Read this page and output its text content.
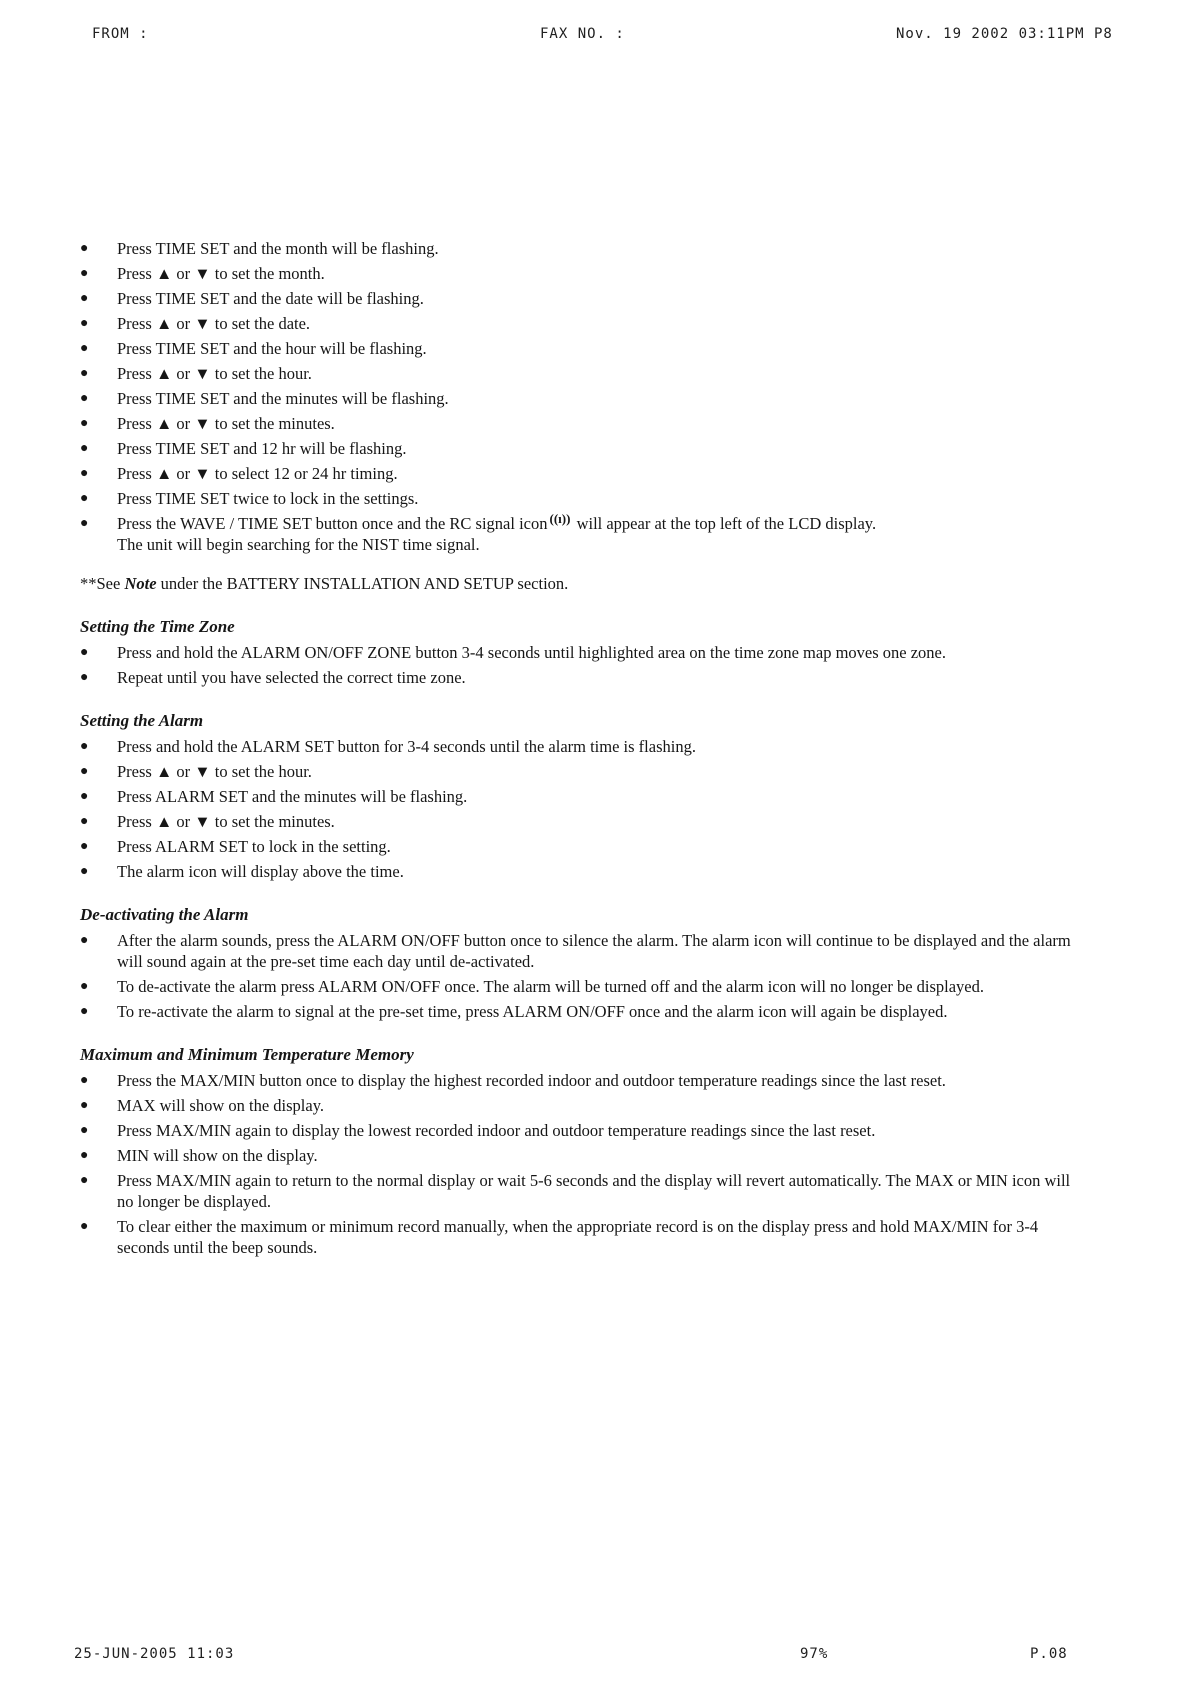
FROM :	FAX NO. :	Nov. 19 2002 03:11PM P8
● Press TIME SET and the month will be flashing.
● Press ▲ or ▼ to set the month.
● Press TIME SET and the date will be flashing.
● Press ▲ or ▼ to set the date.
● Press TIME SET and the hour will be flashing.
● Press ▲ or ▼ to set the hour.
● Press TIME SET and the minutes will be flashing.
● Press ▲ or ▼ to set the minutes.
● Press TIME SET and 12 hr will be flashing.
● Press ▲ or ▼ to select 12 or 24 hr timing.
● Press TIME SET twice to lock in the settings.
● Press the WAVE / TIME SET button once and the RC signal icon ((ı)) will appear at the top left of the LCD display.
The unit will begin searching for the NIST time signal.

**See Note under the BATTERY INSTALLATION AND SETUP section.

Setting the Time Zone
● Press and hold the ALARM ON/OFF ZONE button 3-4 seconds until highlighted area on the time zone map moves one zone.
● Repeat until you have selected the correct time zone.
Setting the Alarm
● Press and hold the ALARM SET button for 3-4 seconds until the alarm time is flashing.
● Press ▲ or ▼ to set the hour.
● Press ALARM SET and the minutes will be flashing.
● Press ▲ or ▼ to set the minutes.
● Press ALARM SET to lock in the setting.
● The alarm icon will display above the time.
De-activating the Alarm
● After the alarm sounds, press the ALARM ON/OFF button once to silence the alarm. The alarm icon will continue to be displayed and the alarm will sound again at the pre-set time each day until de-activated.
● To de-activate the alarm press ALARM ON/OFF once. The alarm will be turned off and the alarm icon will no longer be displayed.
● To re-activate the alarm to signal at the pre-set time, press ALARM ON/OFF once and the alarm icon will again be displayed.
Maximum and Minimum Temperature Memory
● Press the MAX/MIN button once to display the highest recorded indoor and outdoor temperature readings since the last reset.
● MAX will show on the display.
● Press MAX/MIN again to display the lowest recorded indoor and outdoor temperature readings since the last reset.
● MIN will show on the display.
● Press MAX/MIN again to return to the normal display or wait 5-6 seconds and the display will revert automatically. The MAX or MIN icon will no longer be displayed.
● To clear either the maximum or minimum record manually, when the appropriate record is on the display press and hold MAX/MIN for 3-4 seconds until the beep sounds.
25-JUN-2005 11:03	97%	P.08
